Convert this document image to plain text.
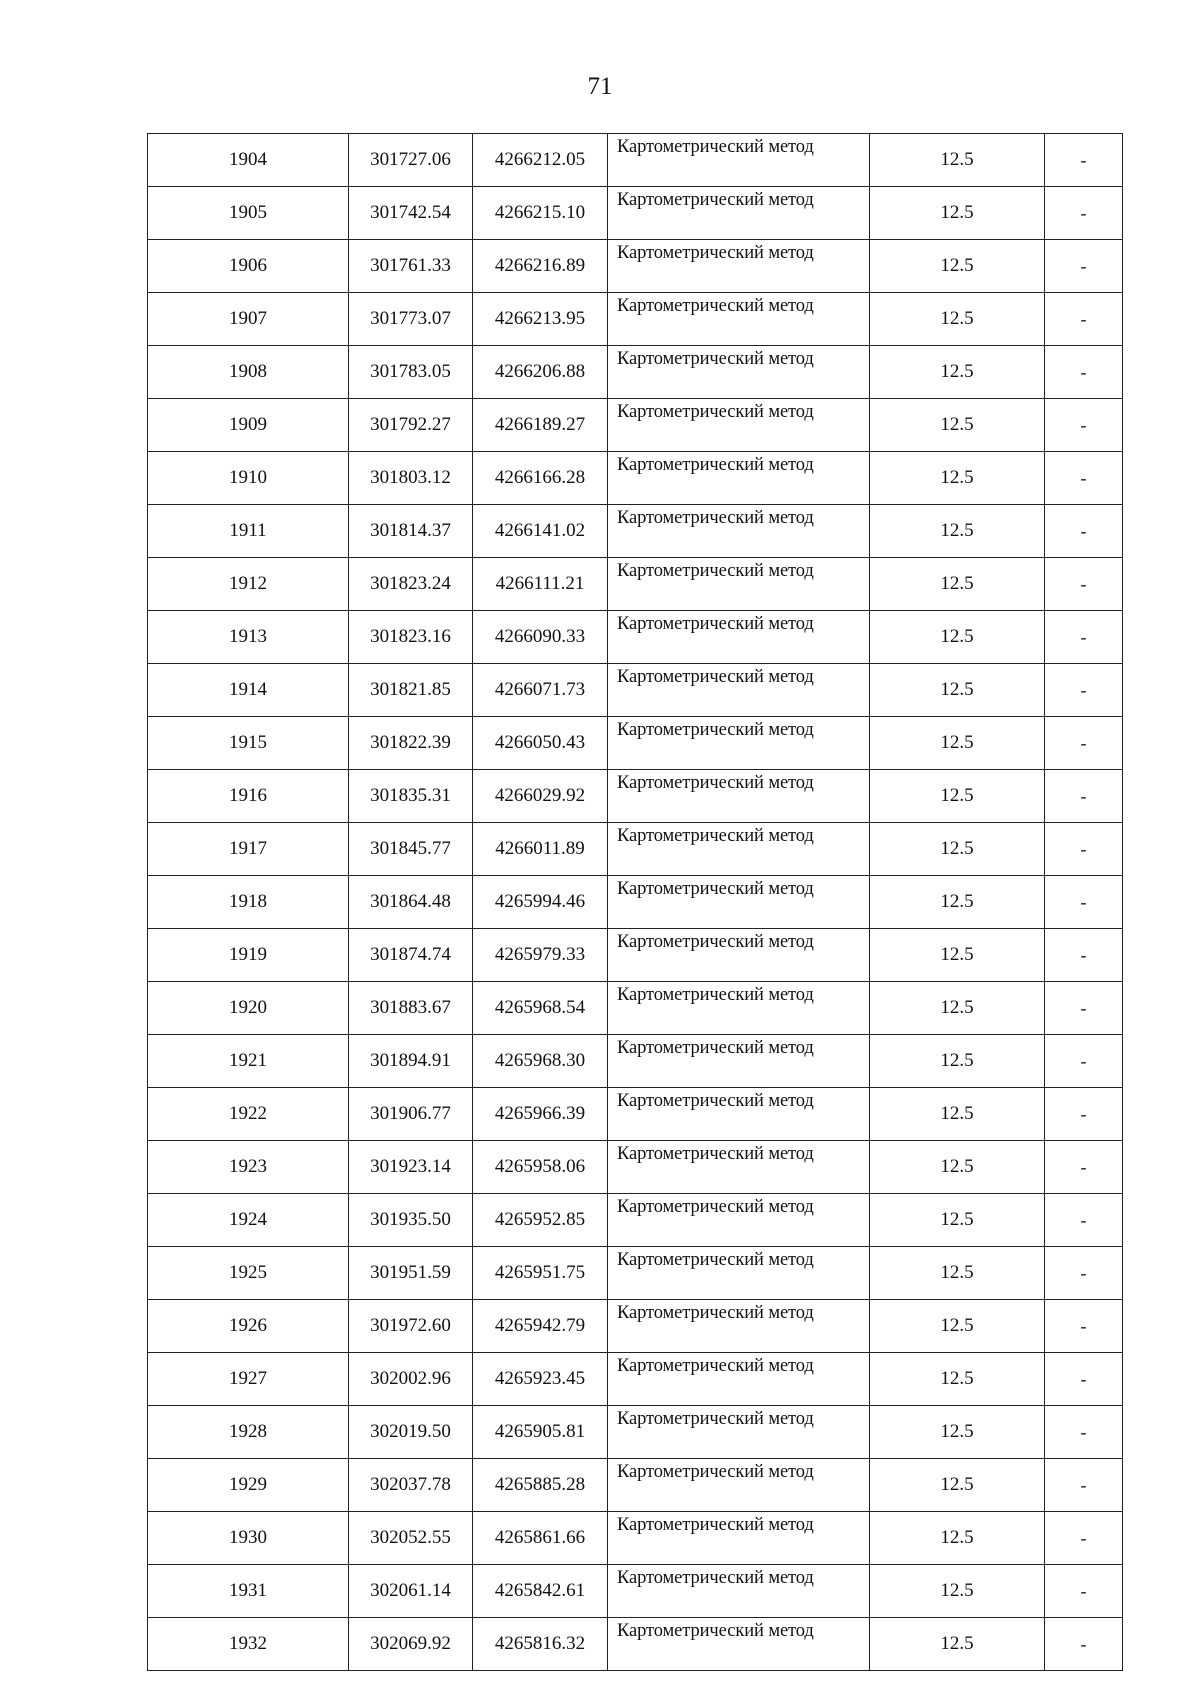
71
1904	301727.06	4266212.05	Картометрический метод	12.5	-
1905	301742.54	4266215.10	Картометрический метод	12.5	-
1906	301761.33	4266216.89	Картометрический метод	12.5	-
1907	301773.07	4266213.95	Картометрический метод	12.5	-
1908	301783.05	4266206.88	Картометрический метод	12.5	-
1909	301792.27	4266189.27	Картометрический метод	12.5	-
1910	301803.12	4266166.28	Картометрический метод	12.5	-
1911	301814.37	4266141.02	Картометрический метод	12.5	-
1912	301823.24	4266111.21	Картометрический метод	12.5	-
1913	301823.16	4266090.33	Картометрический метод	12.5	-
1914	301821.85	4266071.73	Картометрический метод	12.5	-
1915	301822.39	4266050.43	Картометрический метод	12.5	-
1916	301835.31	4266029.92	Картометрический метод	12.5	-
1917	301845.77	4266011.89	Картометрический метод	12.5	-
1918	301864.48	4265994.46	Картометрический метод	12.5	-
1919	301874.74	4265979.33	Картометрический метод	12.5	-
1920	301883.67	4265968.54	Картометрический метод	12.5	-
1921	301894.91	4265968.30	Картометрический метод	12.5	-
1922	301906.77	4265966.39	Картометрический метод	12.5	-
1923	301923.14	4265958.06	Картометрический метод	12.5	-
1924	301935.50	4265952.85	Картометрический метод	12.5	-
1925	301951.59	4265951.75	Картометрический метод	12.5	-
1926	301972.60	4265942.79	Картометрический метод	12.5	-
1927	302002.96	4265923.45	Картометрический метод	12.5	-
1928	302019.50	4265905.81	Картометрический метод	12.5	-
1929	302037.78	4265885.28	Картометрический метод	12.5	-
1930	302052.55	4265861.66	Картометрический метод	12.5	-
1931	302061.14	4265842.61	Картометрический метод	12.5	-
1932	302069.92	4265816.32	Картометрический метод	12.5	-
